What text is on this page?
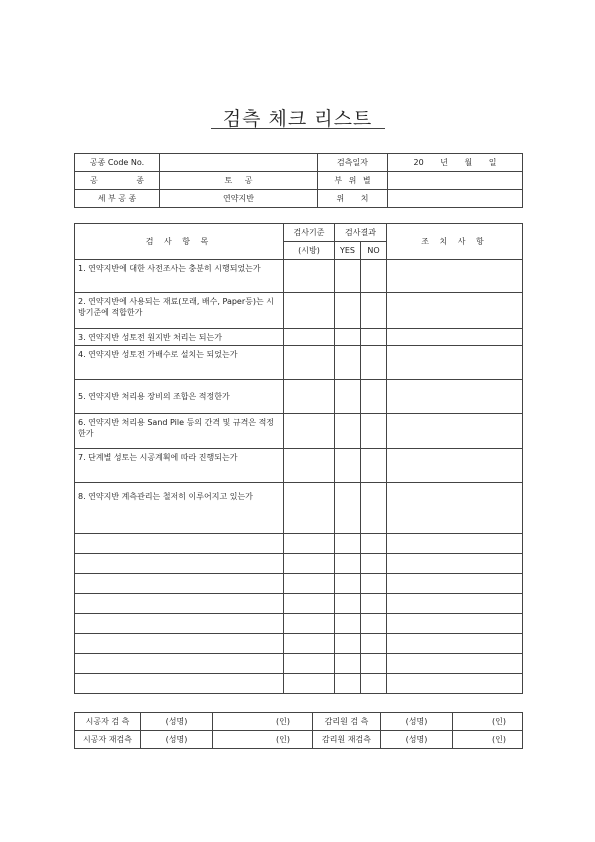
검측 체크 리스트
공종 Code No.		검측일자	20 년 월 일
공 종	토 공	부 위 별	
세 부 공 종	연약지반	위 치	
검 사 항 목	검사기준	검사결과		조 치 사 항
	(시방)	YES	NO	
1. 연약지반에 대한 사전조사는 충분히 시행되었는가				
2. 연약지반에 사용되는 재료(모래, 배수, Paper등)는 시방기준에 적합한가				
3. 연약지반 성토전 원지반 처리는 되는가				
4. 연약지반 성토전 가배수로 설치는 되었는가				
5. 연약지반 처리용 장비의 조합은 적정한가				
6. 연약지반 처리용 Sand Pile 등의 간격 및 규격은 적정한가				
7. 단계별 성토는 시공계획에 따라 진행되는가				
8. 연약지반 계측관리는 철저히 이루어지고 있는가				

시공자 검 측	(성명)	(인)	감리원 검 측	(성명)	(인)
시공자 재검측	(성명)	(인)	감리원 재검측	(성명)	(인)
